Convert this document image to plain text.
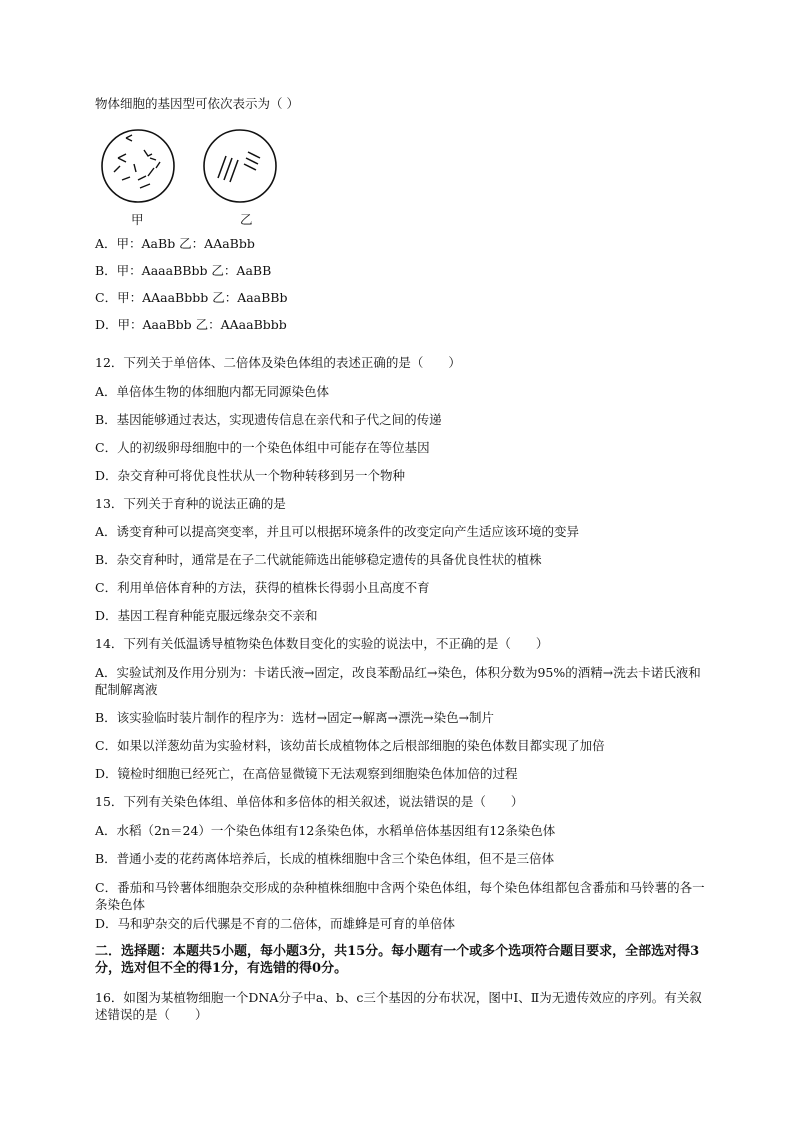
物体细胞的基因型可依次表示为（ ）
甲	乙
A．甲：AaBb 乙：AAaBbb
B．甲：AaaaBBbb 乙：AaBB
C．甲：AAaaBbbb 乙：AaaBBb
D．甲：AaaBbb 乙：AAaaBbbb
12．下列关于单倍体、二倍体及染色体组的表述正确的是（　　）
A．单倍体生物的体细胞内都无同源染色体
B．基因能够通过表达，实现遗传信息在亲代和子代之间的传递
C．人的初级卵母细胞中的一个染色体组中可能存在等位基因
D．杂交育种可将优良性状从一个物种转移到另一个物种
13．下列关于育种的说法正确的是
A．诱变育种可以提高突变率，并且可以根据环境条件的改变定向产生适应该环境的变异
B．杂交育种时，通常是在子二代就能筛选出能够稳定遗传的具备优良性状的植株
C．利用单倍体育种的方法，获得的植株长得弱小且高度不育
D．基因工程育种能克服远缘杂交不亲和
14．下列有关低温诱导植物染色体数目变化的实验的说法中，不正确的是（　　）
A．实验试剂及作用分别为：卡诺氏液→固定，改良苯酚品红→染色，体积分数为95%的酒精→洗去卡诺氏液和配制解离液
B．该实验临时装片制作的程序为：选材→固定→解离→漂洗→染色→制片
C．如果以洋葱幼苗为实验材料，该幼苗长成植物体之后根部细胞的染色体数目都实现了加倍
D．镜检时细胞已经死亡，在高倍显微镜下无法观察到细胞染色体加倍的过程
15．下列有关染色体组、单倍体和多倍体的相关叙述，说法错误的是（　　）
A．水稻（2n＝24）一个染色体组有12条染色体，水稻单倍体基因组有12条染色体
B．普通小麦的花药离体培养后，长成的植株细胞中含三个染色体组，但不是三倍体
C．番茄和马铃薯体细胞杂交形成的杂种植株细胞中含两个染色体组，每个染色体组都包含番茄和马铃薯的各一条染色体
D．马和驴杂交的后代骡是不育的二倍体，而雄蜂是可育的单倍体
二．选择题：本题共5小题，每小题3分，共15分。每小题有一个或多个选项符合题目要求，全部选对得3分，选对但不全的得1分，有选错的得0分。
16．如图为某植物细胞一个DNA分子中a、b、c三个基因的分布状况，图中Ⅰ、Ⅱ为无遗传效应的序列。有关叙述错误的是（　　）
